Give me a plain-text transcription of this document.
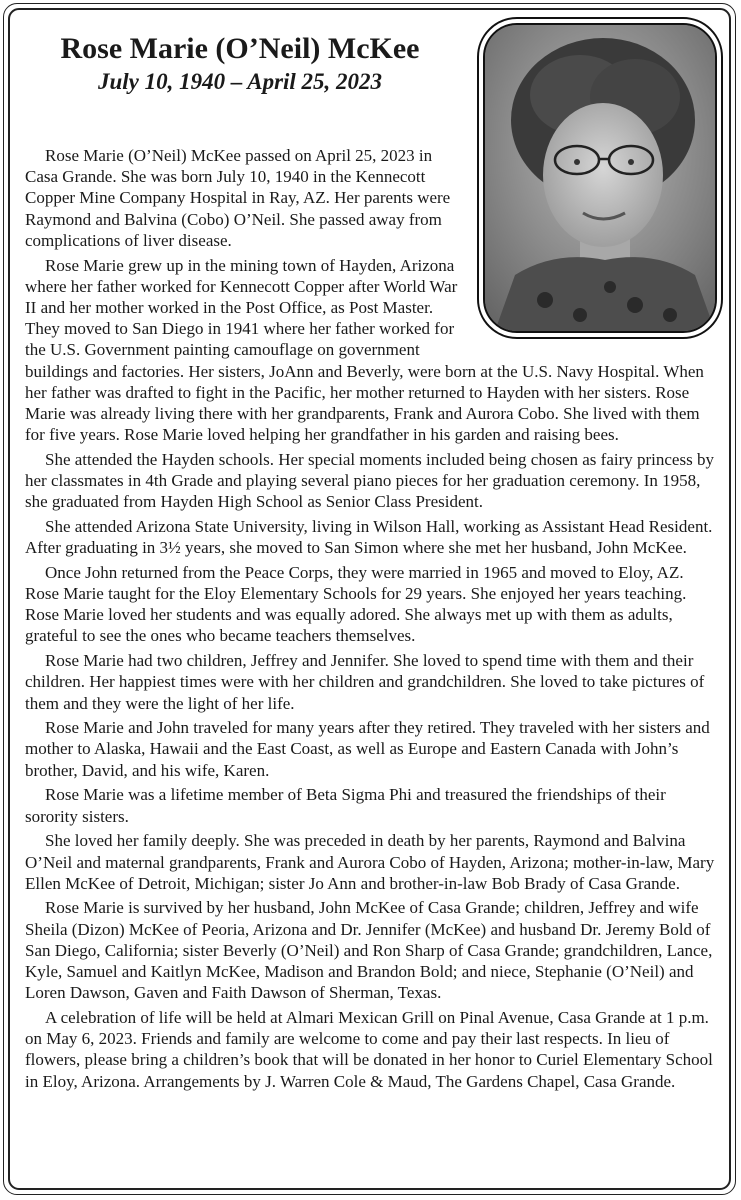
Rose Marie (O’Neil) McKee
July 10, 1940 – April 25, 2023

Rose Marie (O’Neil) McKee passed on April 25, 2023 in Casa Grande. She was born July 10, 1940 in the Kennecott Copper Mine Company Hospital in Ray, AZ. Her parents were Raymond and Balvina (Cobo) O’Neil. She passed away from complications of liver disease.

Rose Marie grew up in the mining town of Hayden, Arizona where her father worked for Kennecott Copper after World War II and her mother worked in the Post Office, as Post Master. They moved to San Diego in 1941 where her father worked for the U.S. Government painting camouflage on government buildings and factories. Her sisters, JoAnn and Beverly, were born at the U.S. Navy Hospital. When her father was drafted to fight in the Pacific, her mother returned to Hayden with her sisters. Rose Marie was already living there with her grandparents, Frank and Aurora Cobo. She lived with them for five years. Rose Marie loved helping her grandfather in his garden and raising bees.

She attended the Hayden schools. Her special moments included being chosen as fairy princess by her classmates in 4th Grade and playing several piano pieces for her graduation ceremony. In 1958, she graduated from Hayden High School as Senior Class President.

She attended Arizona State University, living in Wilson Hall, working as Assistant Head Resident. After graduating in 3½ years, she moved to San Simon where she met her husband, John McKee.

Once John returned from the Peace Corps, they were married in 1965 and moved to Eloy, AZ. Rose Marie taught for the Eloy Elementary Schools for 29 years. She enjoyed her years teaching. Rose Marie loved her students and was equally adored. She always met up with them as adults, grateful to see the ones who became teachers themselves.

Rose Marie had two children, Jeffrey and Jennifer. She loved to spend time with them and their children. Her happiest times were with her children and grandchildren. She loved to take pictures of them and they were the light of her life.

Rose Marie and John traveled for many years after they retired. They traveled with her sisters and mother to Alaska, Hawaii and the East Coast, as well as Europe and Eastern Canada with John’s brother, David, and his wife, Karen.

Rose Marie was a lifetime member of Beta Sigma Phi and treasured the friendships of their sorority sisters.

She loved her family deeply. She was preceded in death by her parents, Raymond and Balvina O’Neil and maternal grandparents, Frank and Aurora Cobo of Hayden, Arizona; mother-in-law, Mary Ellen McKee of Detroit, Michigan; sister Jo Ann and brother-in-law Bob Brady of Casa Grande.

Rose Marie is survived by her husband, John McKee of Casa Grande; children, Jeffrey and wife Sheila (Dizon) McKee of Peoria, Arizona and Dr. Jennifer (McKee) and husband Dr. Jeremy Bold of San Diego, California; sister Beverly (O’Neil) and Ron Sharp of Casa Grande; grandchildren, Lance, Kyle, Samuel and Kaitlyn McKee, Madison and Brandon Bold; and niece, Stephanie (O’Neil) and Loren Dawson, Gaven and Faith Dawson of Sherman, Texas.

A celebration of life will be held at Almari Mexican Grill on Pinal Avenue, Casa Grande at 1 p.m. on May 6, 2023. Friends and family are welcome to come and pay their last respects. In lieu of flowers, please bring a children’s book that will be donated in her honor to Curiel Elementary School in Eloy, Arizona. Arrangements by J. Warren Cole & Maud, The Gardens Chapel, Casa Grande.
